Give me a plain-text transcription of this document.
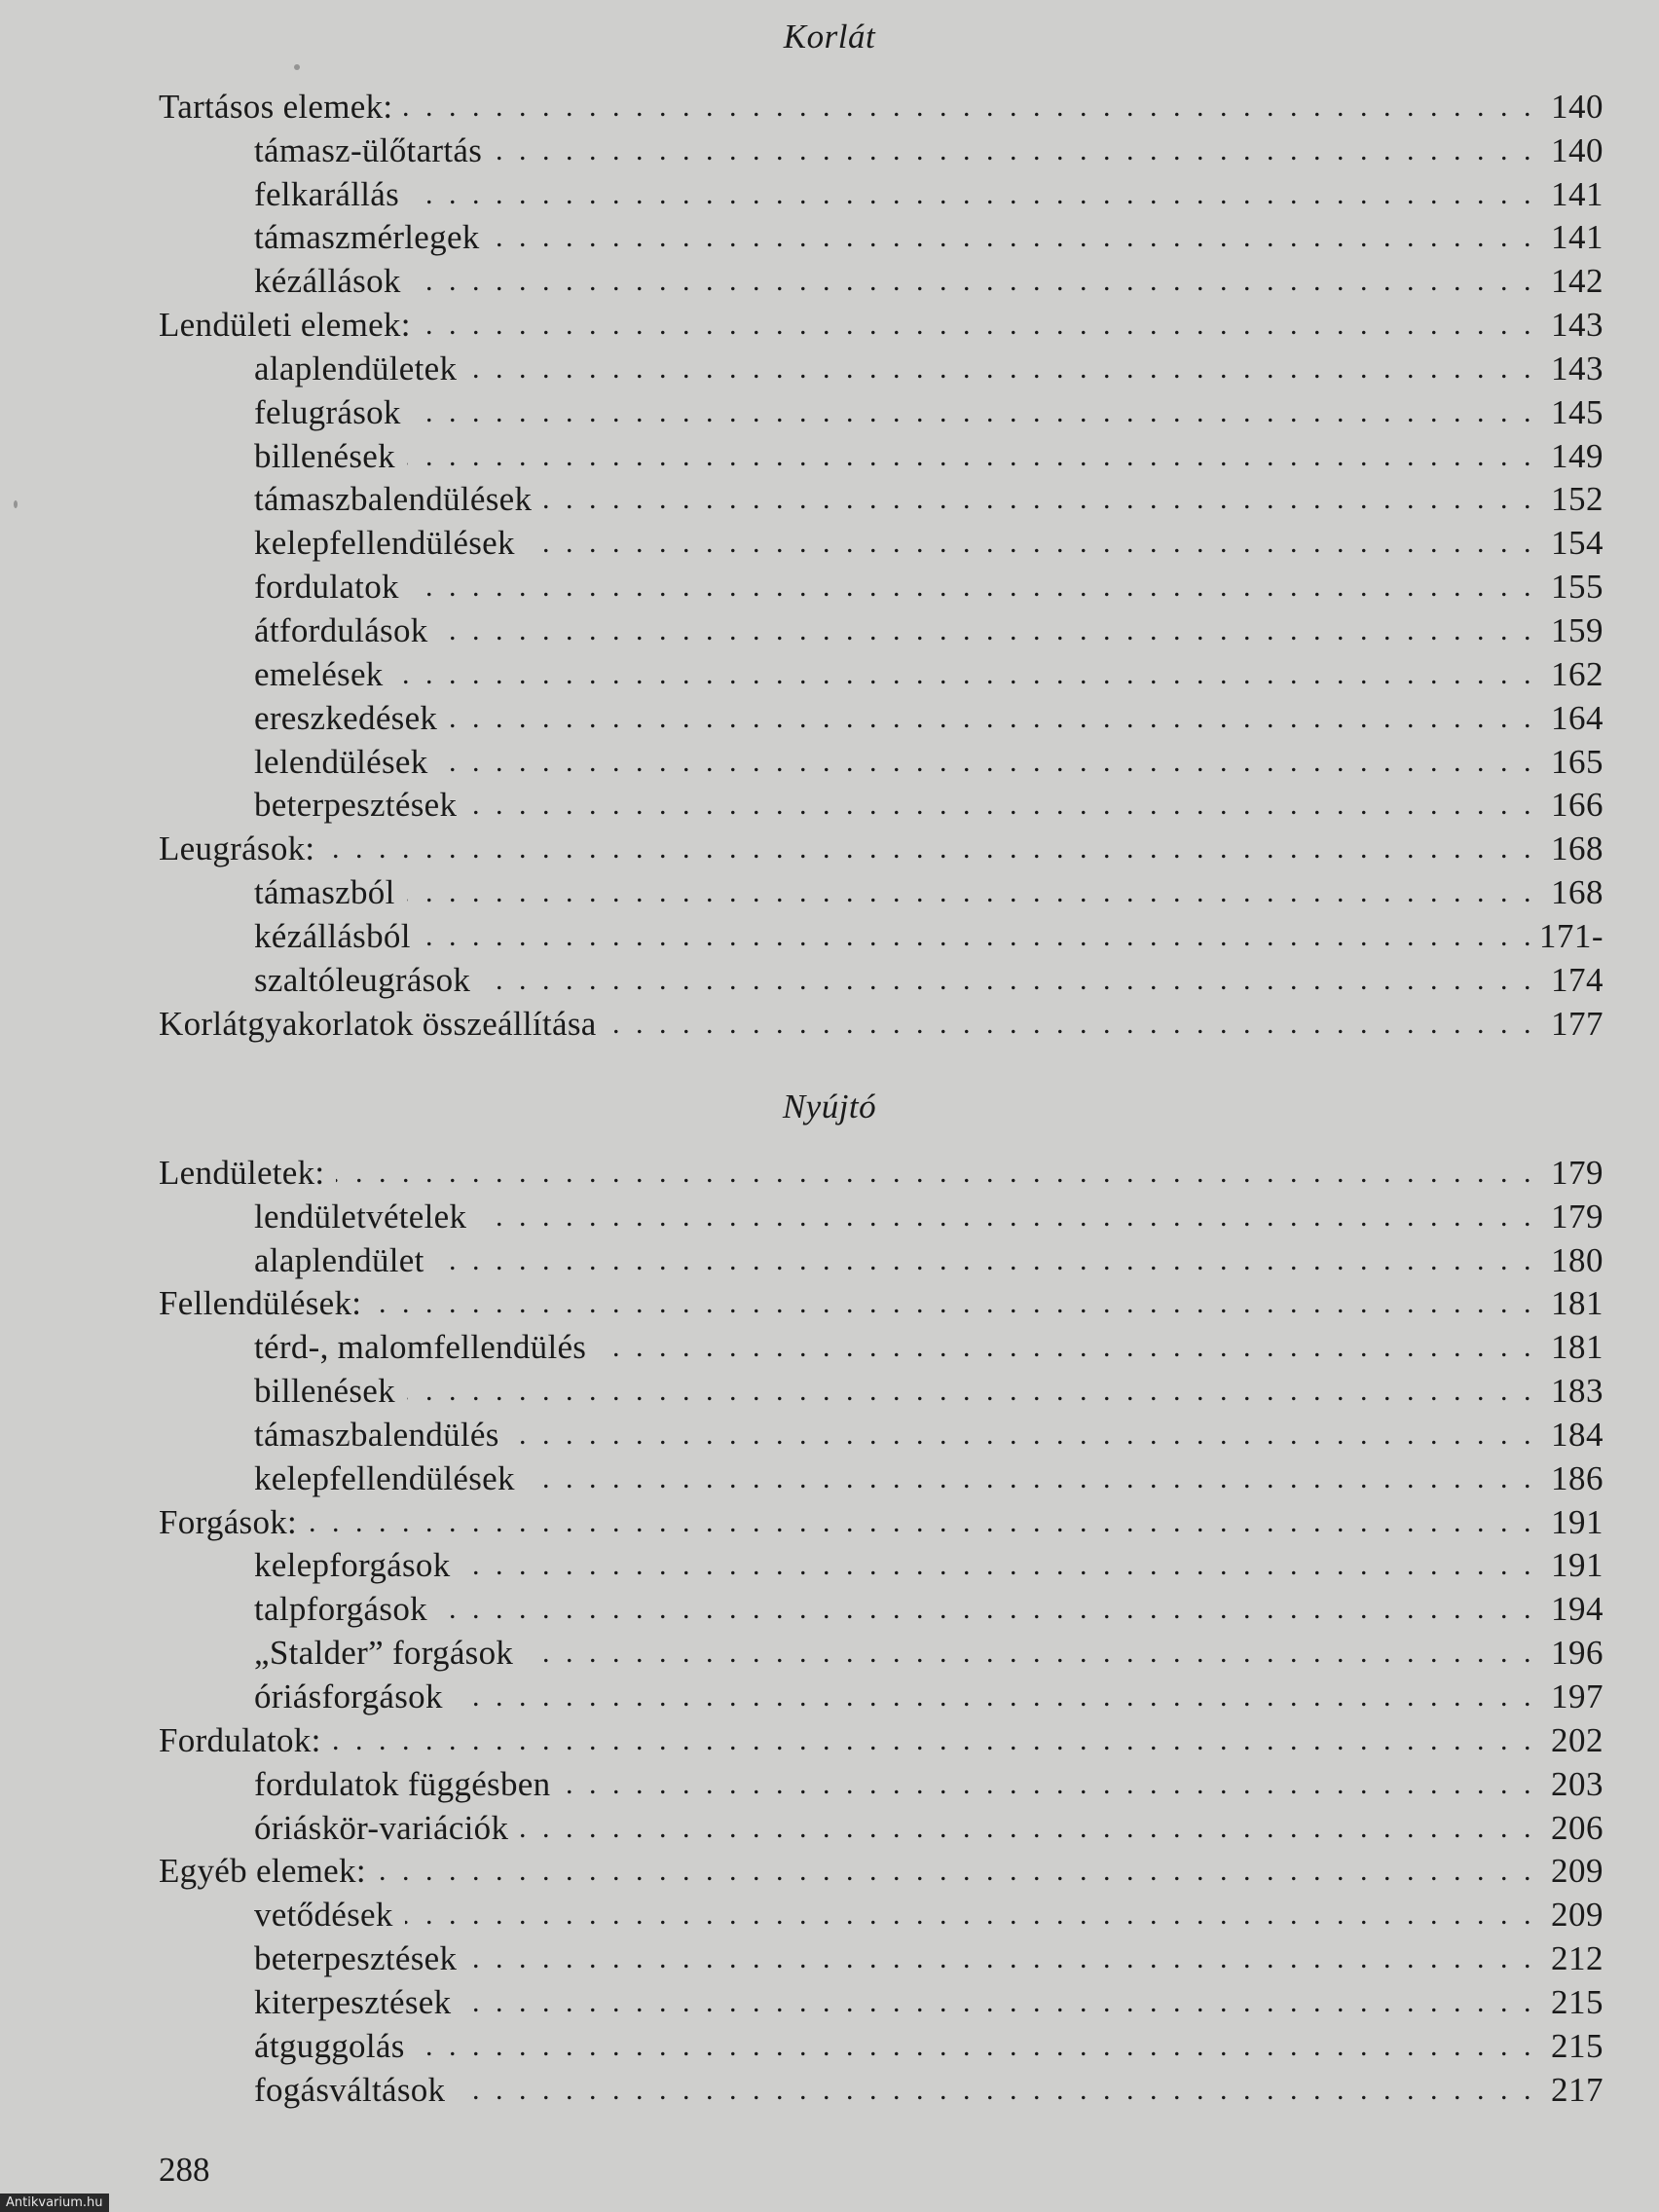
Korlát
Tartásos elemek: . . .	140
támasz-ülőtartás . . .	140
felkarállás . . .	141
támaszmérlegek . . .	141
kézállások . . .	142
Lendületi elemek: . . .	143
alaplendületek . . .	143
felugrások . . .	145
billenések . . .	149
támaszbalendülések . . .	152
kelepfellendülések . . .	154
fordulatok . . .	155
átfordulások . . .	159
emelések . . .	162
ereszkedések . . .	164
lelendülések . . .	165
beterpesztések . . .	166
Leugrások: . . .	168
támaszból . . .	168
kézállásból . . .	171-
szaltóleugrások . . .	174
Korlátgyakorlatok összeállítása . . .	177
Nyújtó
Lendületek: . . .	179
lendületvételek . . .	179
alaplendület . . .	180
Fellendülések: . . .	181
térd-, malomfellendülés . . .	181
billenések . . .	183
támaszbalendülés . . .	184
kelepfellendülések . . .	186
Forgások: . . .	191
kelepforgások . . .	191
talpforgások . . .	194
„Stalder” forgások . . .	196
óriásforgások . . .	197
Fordulatok: . . .	202
fordulatok függésben . . .	203
óriáskör-variációk . . .	206
Egyéb elemek: . . .	209
vetődések . . .	209
beterpesztések . . .	212
kiterpesztések . . .	215
átguggolás . . .	215
fogásváltások . . .	217
288
Antikvarium.hu
